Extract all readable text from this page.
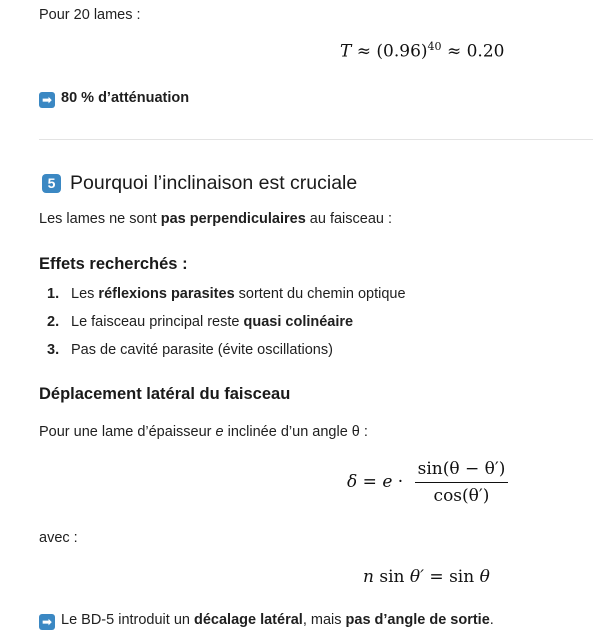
Pour 20 lames :
$T \approx (0.96)^{40} \approx 0.20$
➡ 80 % d’atténuation
5 Pourquoi l’inclinaison est cruciale
Les lames ne sont pas perpendiculaires au faisceau :
Effets recherchés :
1. Les réflexions parasites sortent du chemin optique
2. Le faisceau principal reste quasi colinéaire
3. Pas de cavité parasite (évite oscillations)
Déplacement latéral du faisceau
Pour une lame d’épaisseur e inclinée d’un angle θ :
$\delta = e \cdot \frac{\sin(\theta - \theta')}{\cos(\theta')}$
avec :
n sin θ′ = sin θ
➡ Le BD-5 introduit un décalage latéral, mais pas d’angle de sortie.
